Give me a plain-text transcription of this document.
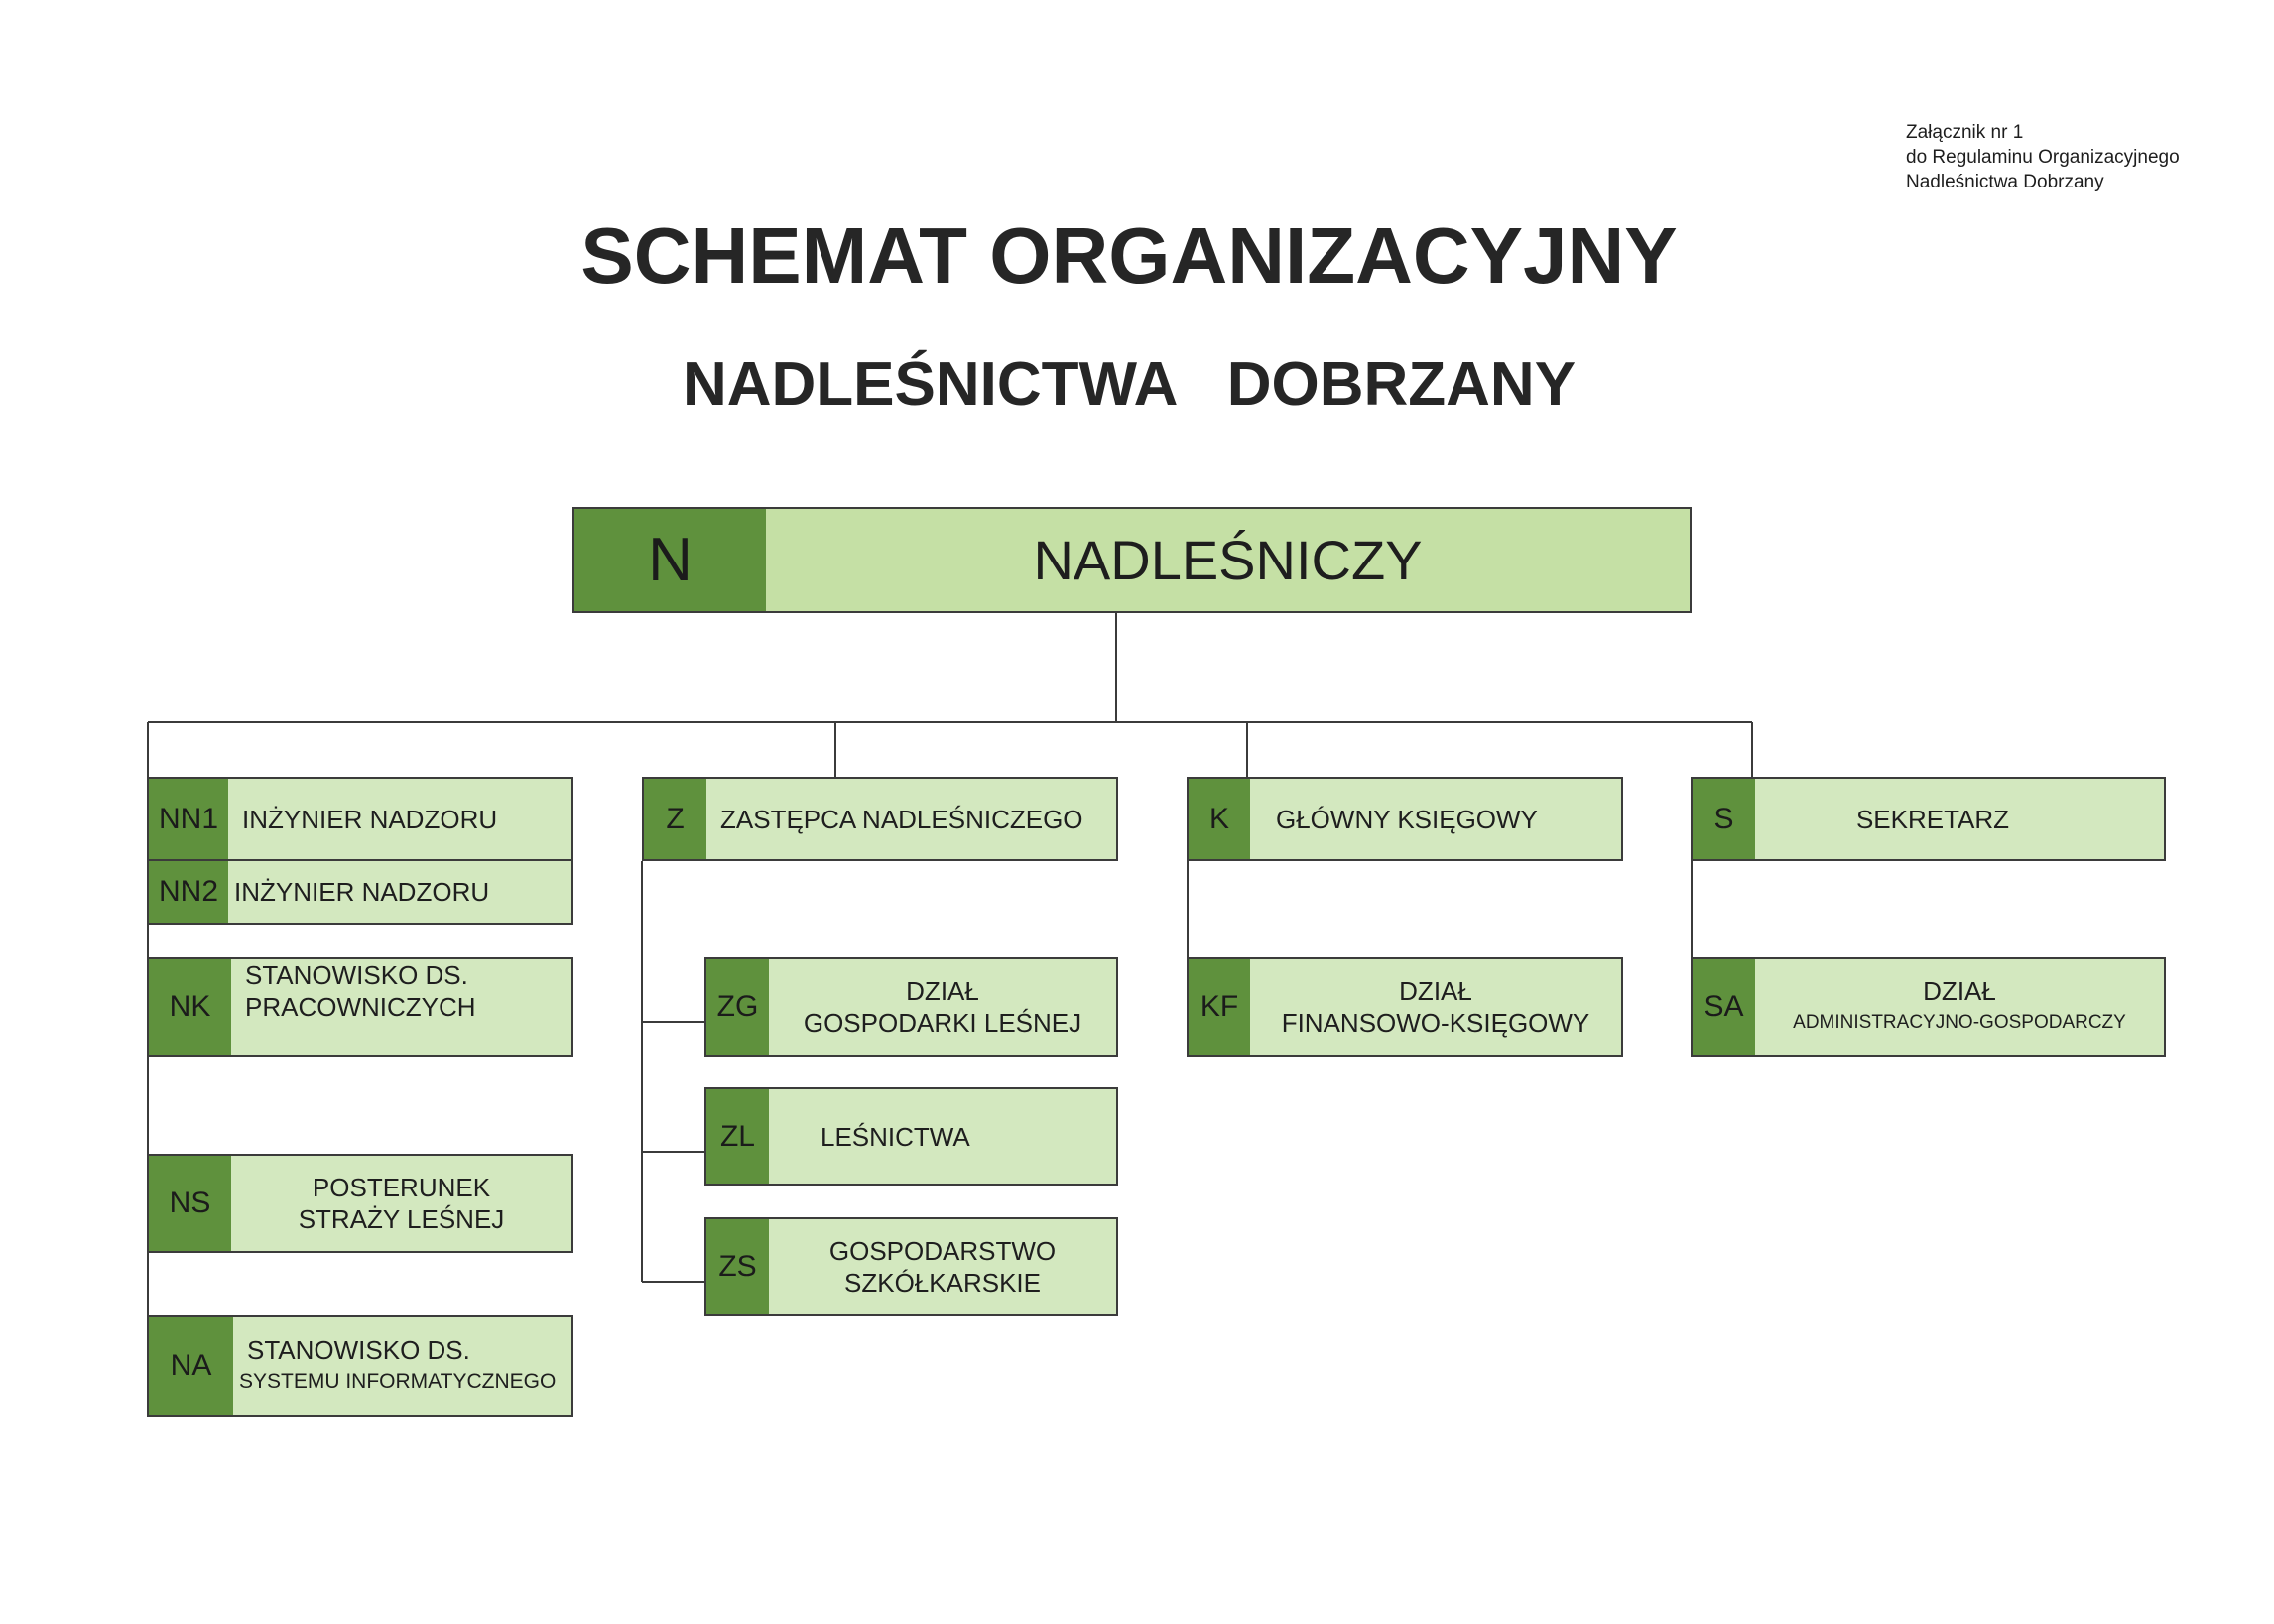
Załącznik nr 1
do Regulaminu Organizacyjnego
Nadleśnictwa Dobrzany
SCHEMAT ORGANIZACYJNY
NADLEŚNICTWA   DOBRZANY
N	NADLEŚNICZY
NN1 INŻYNIER NADZORU
NN2 INŻYNIER NADZORU
NK
STANOWISKO DS.
PRACOWNICZYCH
NS	POSTERUNEK
STRAŻY LEŚNEJ
NA	STANOWISKO DS.
SYSTEMU INFORMATYCZNEGO
Z	ZASTĘPCA NADLEŚNICZEGO
ZG	DZIAŁ
GOSPODARKI LEŚNEJ
ZL	LEŚNICTWA
ZS	GOSPODARSTWO
SZKÓŁKARSKIE
K	GŁÓWNY KSIĘGOWY
KF	DZIAŁ
FINANSOWO-KSIĘGOWY
S	SEKRETARZ
SA	DZIAŁ
ADMINISTRACYJNO-GOSPODARCZY
